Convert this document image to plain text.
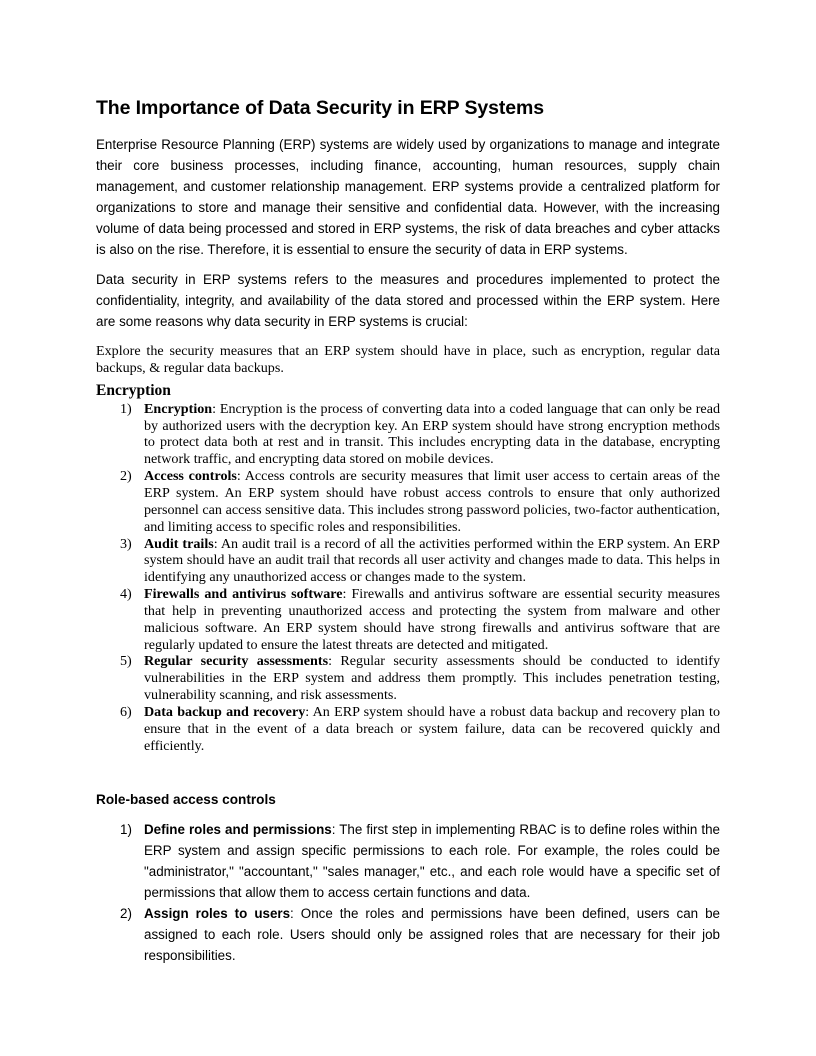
The Importance of Data Security in ERP Systems

Enterprise Resource Planning (ERP) systems are widely used by organizations to manage and integrate their core business processes, including finance, accounting, human resources, supply chain management, and customer relationship management. ERP systems provide a centralized platform for organizations to store and manage their sensitive and confidential data. However, with the increasing volume of data being processed and stored in ERP systems, the risk of data breaches and cyber attacks is also on the rise. Therefore, it is essential to ensure the security of data in ERP systems.

Data security in ERP systems refers to the measures and procedures implemented to protect the confidentiality, integrity, and availability of the data stored and processed within the ERP system. Here are some reasons why data security in ERP systems is crucial:

Explore the security measures that an ERP system should have in place, such as encryption, regular data backups, & regular data backups.

Encryption
1) Encryption: Encryption is the process of converting data into a coded language that can only be read by authorized users with the decryption key. An ERP system should have strong encryption methods to protect data both at rest and in transit. This includes encrypting data in the database, encrypting network traffic, and encrypting data stored on mobile devices.
2) Access controls: Access controls are security measures that limit user access to certain areas of the ERP system. An ERP system should have robust access controls to ensure that only authorized personnel can access sensitive data. This includes strong password policies, two-factor authentication, and limiting access to specific roles and responsibilities.
3) Audit trails: An audit trail is a record of all the activities performed within the ERP system. An ERP system should have an audit trail that records all user activity and changes made to data. This helps in identifying any unauthorized access or changes made to the system.
4) Firewalls and antivirus software: Firewalls and antivirus software are essential security measures that help in preventing unauthorized access and protecting the system from malware and other malicious software. An ERP system should have strong firewalls and antivirus software that are regularly updated to ensure the latest threats are detected and mitigated.
5) Regular security assessments: Regular security assessments should be conducted to identify vulnerabilities in the ERP system and address them promptly. This includes penetration testing, vulnerability scanning, and risk assessments.
6) Data backup and recovery: An ERP system should have a robust data backup and recovery plan to ensure that in the event of a data breach or system failure, data can be recovered quickly and efficiently.
Role-based access controls
1) Define roles and permissions: The first step in implementing RBAC is to define roles within the ERP system and assign specific permissions to each role. For example, the roles could be "administrator," "accountant," "sales manager," etc., and each role would have a specific set of permissions that allow them to access certain functions and data.
2) Assign roles to users: Once the roles and permissions have been defined, users can be assigned to each role. Users should only be assigned roles that are necessary for their job responsibilities.
